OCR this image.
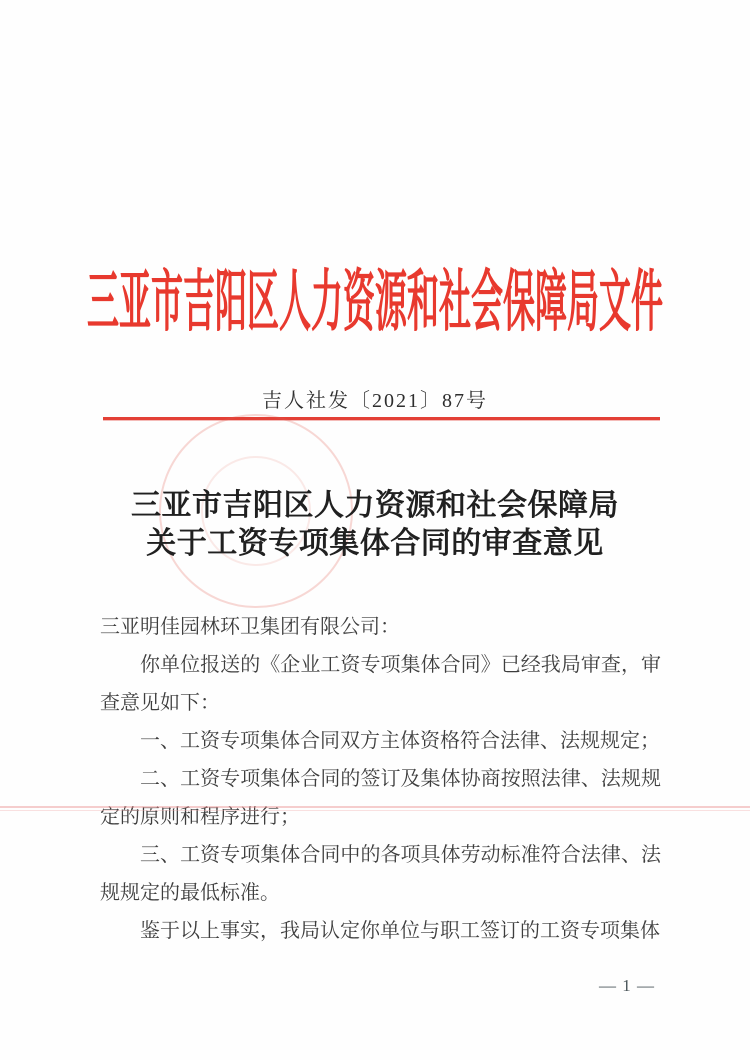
三亚市吉阳区人力资源和社会保障局文件
吉人社发〔2021〕87号
三亚市吉阳区人力资源和社会保障局
关于工资专项集体合同的审查意见

三亚明佳园林环卫集团有限公司：

你单位报送的《企业工资专项集体合同》已经我局审查，审查意见如下：

一、工资专项集体合同双方主体资格符合法律、法规规定；

二、工资专项集体合同的签订及集体协商按照法律、法规规定的原则和程序进行；

三、工资专项集体合同中的各项具体劳动标准符合法律、法规规定的最低标准。

鉴于以上事实，我局认定你单位与职工签订的工资专项集体

— 1 —
